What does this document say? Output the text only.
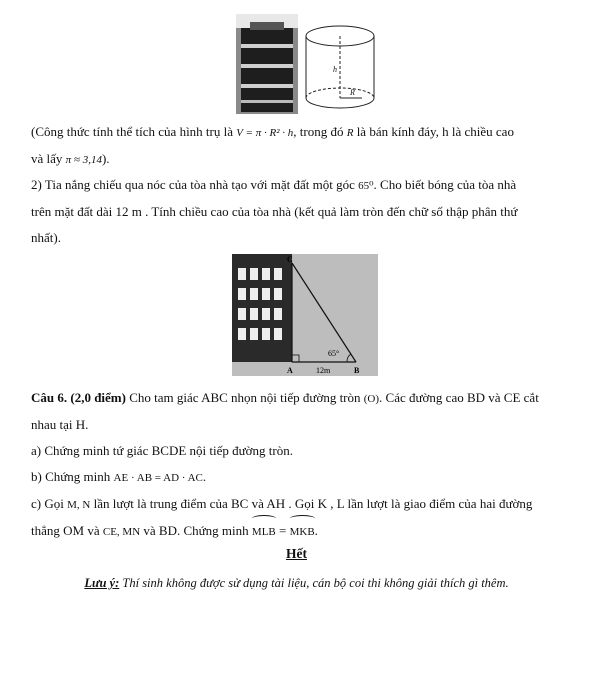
h
R
(Công thức tính thể tích của hình trụ là V = π · R² · h, trong đó R là bán kính đáy, h là chiều cao
và lấy π ≈ 3,14).
2) Tia nắng chiếu qua nóc của tòa nhà tạo với mặt đất một góc 65⁰. Cho biết bóng của tòa nhà
trên mặt đất dài 12 m . Tính chiều cao của tòa nhà (kết quả làm tròn đến chữ số thập phân thứ
nhất).
C
A	B
12m
65°
Câu 6. (2,0 điểm) Cho tam giác ABC nhọn nội tiếp đường tròn (O). Các đường cao BD và CE cắt
nhau tại H.
a) Chứng minh tứ giác BCDE nội tiếp đường tròn.
b) Chứng minh AE · AB = AD · AC.
c) Gọi M, N lần lượt là trung điểm của BC và AH . Gọi K , L lần lượt là giao điểm của hai đường
thẳng OM và CE, MN và BD. Chứng minh MLB = MKB.
Hết
Lưu ý: Thí sinh không được sử dụng tài liệu, cán bộ coi thi không giải thích gì thêm.
